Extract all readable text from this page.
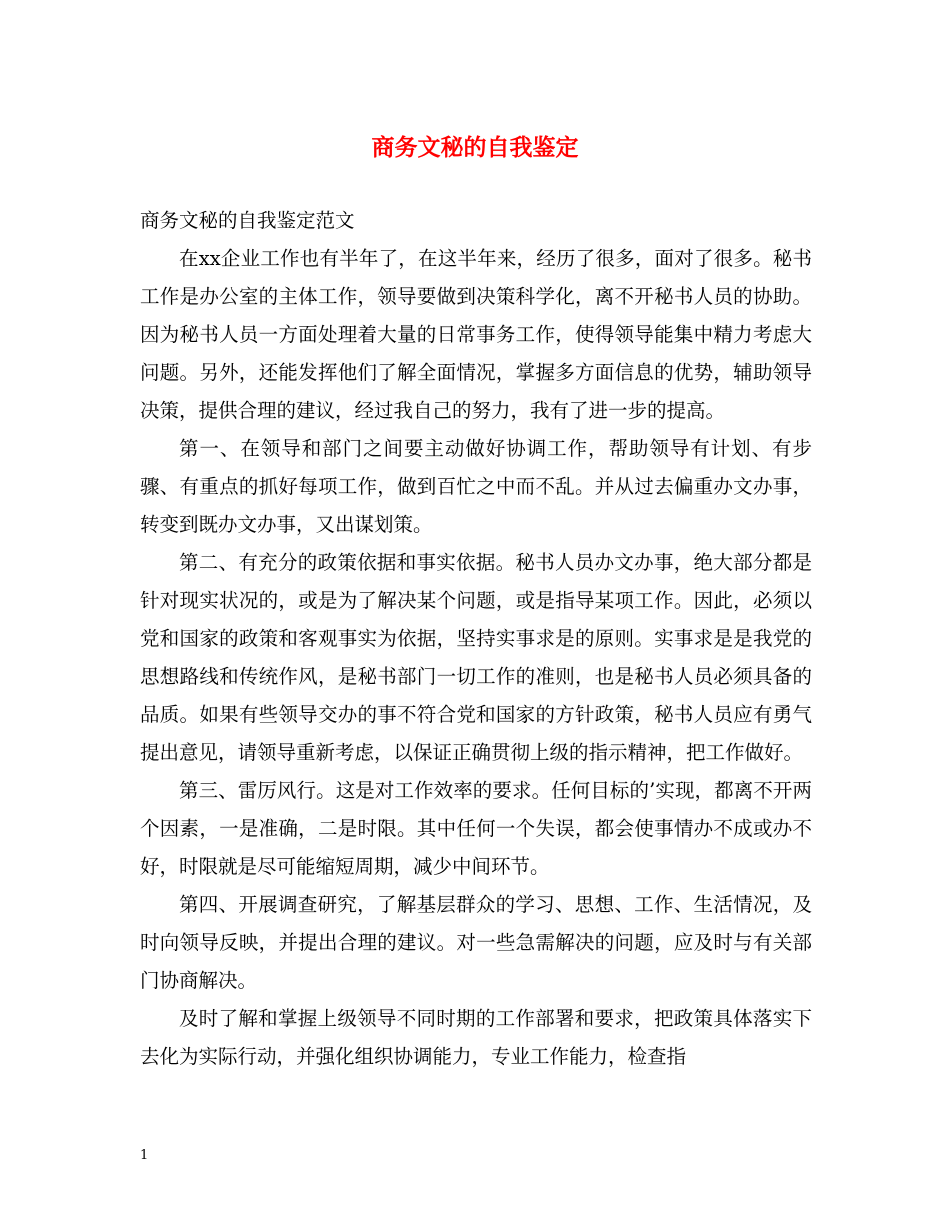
商务文秘的自我鉴定

商务文秘的自我鉴定范文

在xx企业工作也有半年了，在这半年来，经历了很多，面对了很多。秘书工作是办公室的主体工作，领导要做到决策科学化，离不开秘书人员的协助。因为秘书人员一方面处理着大量的日常事务工作，使得领导能集中精力考虑大问题。另外，还能发挥他们了解全面情况，掌握多方面信息的优势，辅助领导决策，提供合理的建议，经过我自己的努力，我有了进一步的提高。

第一、在领导和部门之间要主动做好协调工作，帮助领导有计划、有步骤、有重点的抓好每项工作，做到百忙之中而不乱。并从过去偏重办文办事，转变到既办文办事，又出谋划策。

第二、有充分的政策依据和事实依据。秘书人员办文办事，绝大部分都是针对现实状况的，或是为了解决某个问题，或是指导某项工作。因此，必须以党和国家的政策和客观事实为依据，坚持实事求是的原则。实事求是是我党的思想路线和传统作风，是秘书部门一切工作的准则，也是秘书人员必须具备的品质。如果有些领导交办的事不符合党和国家的方针政策，秘书人员应有勇气提出意见，请领导重新考虑，以保证正确贯彻上级的指示精神，把工作做好。

第三、雷厉风行。这是对工作效率的要求。任何目标的’实现，都离不开两个因素，一是准确，二是时限。其中任何一个失误，都会使事情办不成或办不好，时限就是尽可能缩短周期，减少中间环节。

第四、开展调查研究，了解基层群众的学习、思想、工作、生活情况，及时向领导反映，并提出合理的建议。对一些急需解决的问题，应及时与有关部门协商解决。

及时了解和掌握上级领导不同时期的工作部署和要求，把政策具体落实下去化为实际行动，并强化组织协调能力，专业工作能力，检查指

1
